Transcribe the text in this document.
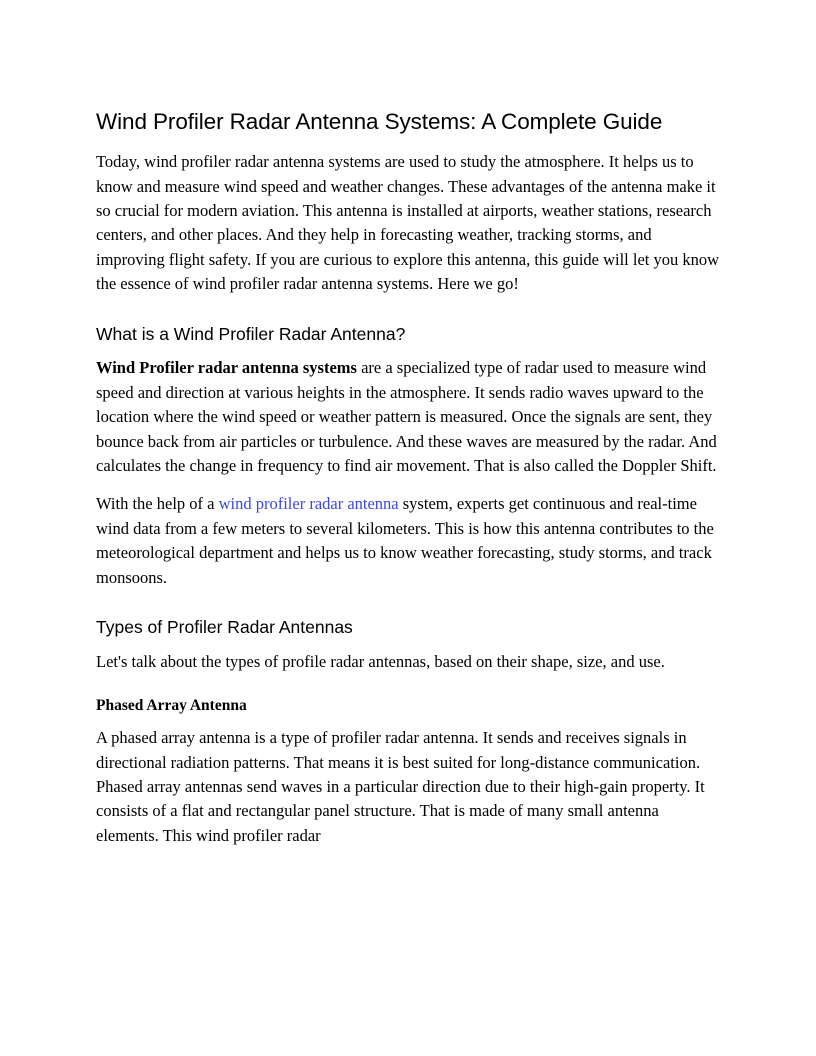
Wind Profiler Radar Antenna Systems: A Complete Guide

Today, wind profiler radar antenna systems are used to study the atmosphere. It helps us to know and measure wind speed and weather changes. These advantages of the antenna make it so crucial for modern aviation. This antenna is installed at airports, weather stations, research centers, and other places. And they help in forecasting weather, tracking storms, and improving flight safety. If you are curious to explore this antenna, this guide will let you know the essence of wind profiler radar antenna systems. Here we go!

What is a Wind Profiler Radar Antenna?

Wind Profiler radar antenna systems are a specialized type of radar used to measure wind speed and direction at various heights in the atmosphere. It sends radio waves upward to the location where the wind speed or weather pattern is measured. Once the signals are sent, they bounce back from air particles or turbulence. And these waves are measured by the radar. And calculates the change in frequency to find air movement. That is also called the Doppler Shift.

With the help of a wind profiler radar antenna system, experts get continuous and real-time wind data from a few meters to several kilometers. This is how this antenna contributes to the meteorological department and helps us to know weather forecasting, study storms, and track monsoons.

Types of Profiler Radar Antennas

Let's talk about the types of profile radar antennas, based on their shape, size, and use.

Phased Array Antenna

A phased array antenna is a type of profiler radar antenna. It sends and receives signals in directional radiation patterns. That means it is best suited for long-distance communication. Phased array antennas send waves in a particular direction due to their high-gain property. It consists of a flat and rectangular panel structure. That is made of many small antenna elements. This wind profiler radar
